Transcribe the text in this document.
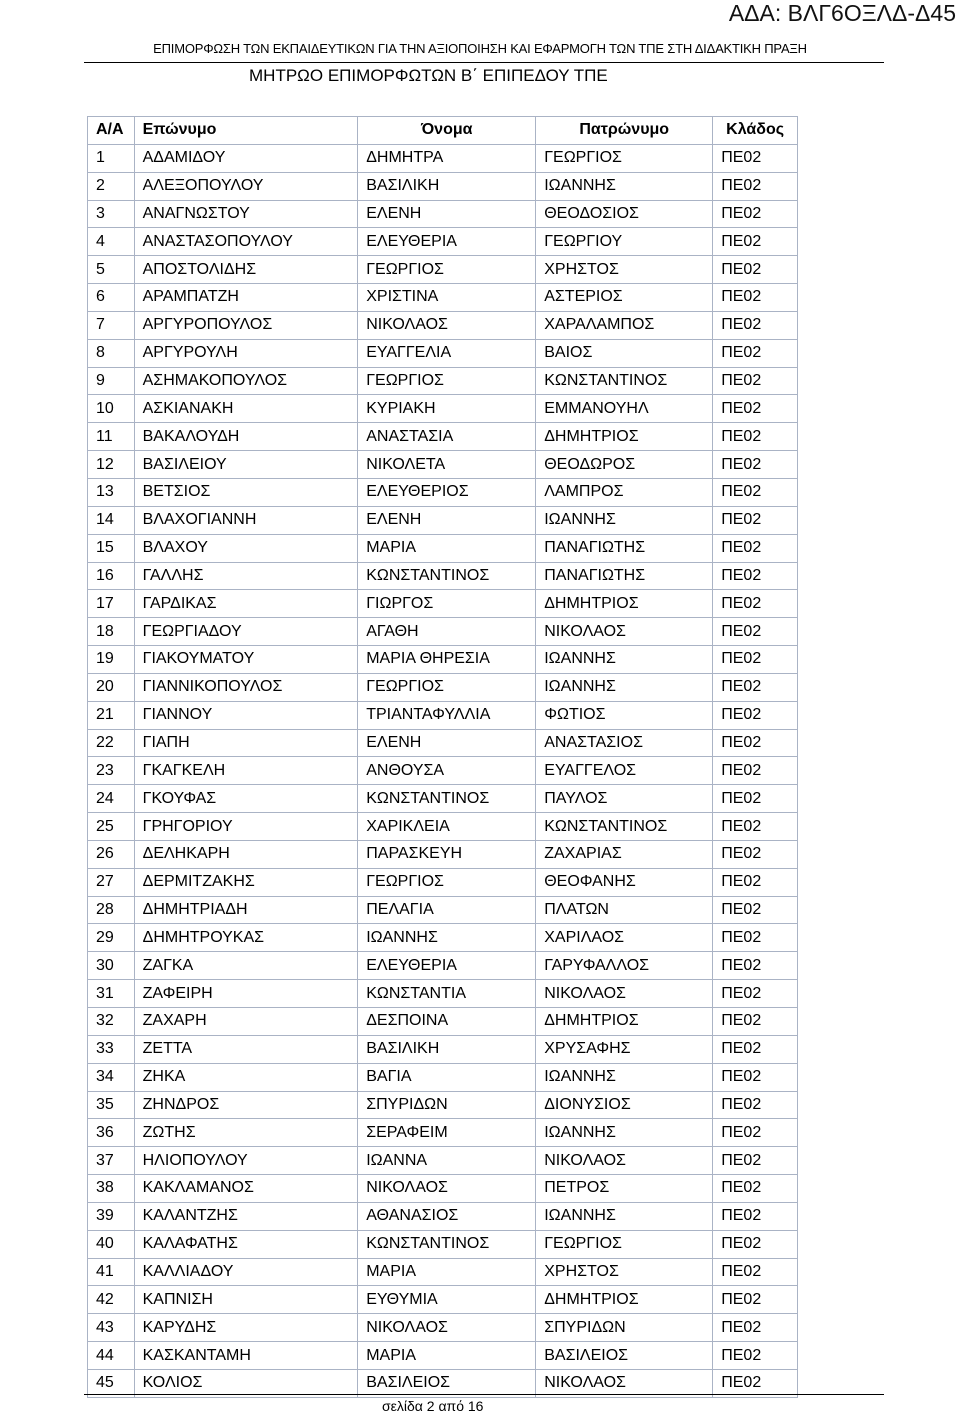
ΑΔΑ: ΒΛΓ6ΟΞΛΔ-Δ45
ΕΠΙΜΟΡΦΩΣΗ ΤΩΝ ΕΚΠΑΙΔΕΥΤΙΚΩΝ ΓΙΑ ΤΗΝ ΑΞΙΟΠΟΙΗΣΗ ΚΑΙ ΕΦΑΡΜΟΓΗ ΤΩΝ ΤΠΕ ΣΤΗ ΔΙΔΑΚΤΙΚΗ ΠΡΑΞΗ
ΜΗΤΡΩΟ ΕΠΙΜΟΡΦΩΤΩΝ Β΄ ΕΠΙΠΕΔΟΥ ΤΠΕ
Α/Α	Επώνυμο	Όνομα	Πατρώνυμο	Κλάδος
1	ΑΔΑΜΙΔΟΥ	ΔΗΜΗΤΡΑ	ΓΕΩΡΓΙΟΣ	ΠΕ02
2	ΑΛΕΞΟΠΟΥΛΟΥ	ΒΑΣΙΛΙΚΗ	ΙΩΑΝΝΗΣ	ΠΕ02
3	ΑΝΑΓΝΩΣΤΟΥ	ΕΛΕΝΗ	ΘΕΟΔΟΣΙΟΣ	ΠΕ02
4	ΑΝΑΣΤΑΣΟΠΟΥΛΟΥ	ΕΛΕΥΘΕΡΙΑ	ΓΕΩΡΓΙΟΥ	ΠΕ02
5	ΑΠΟΣΤΟΛΙΔΗΣ	ΓΕΩΡΓΙΟΣ	ΧΡΗΣΤΟΣ	ΠΕ02
6	ΑΡΑΜΠΑΤΖΗ	ΧΡΙΣΤΙΝΑ	ΑΣΤΕΡΙΟΣ	ΠΕ02
7	ΑΡΓΥΡΟΠΟΥΛΟΣ	ΝΙΚΟΛΑΟΣ	ΧΑΡΑΛΑΜΠΟΣ	ΠΕ02
8	ΑΡΓΥΡΟΥΛΗ	ΕΥΑΓΓΕΛΙΑ	ΒΑΙΟΣ	ΠΕ02
9	ΑΣΗΜΑΚΟΠΟΥΛΟΣ	ΓΕΩΡΓΙΟΣ	ΚΩΝΣΤΑΝΤΙΝΟΣ	ΠΕ02
10	ΑΣΚΙΑΝΑΚΗ	ΚΥΡΙΑΚΗ	ΕΜΜΑΝΟΥΗΛ	ΠΕ02
11	ΒΑΚΑΛΟΥΔΗ	ΑΝΑΣΤΑΣΙΑ	ΔΗΜΗΤΡΙΟΣ	ΠΕ02
12	ΒΑΣΙΛΕΙΟΥ	ΝΙΚΟΛΕΤΑ	ΘΕΟΔΩΡΟΣ	ΠΕ02
13	ΒΕΤΣΙΟΣ	ΕΛΕΥΘΕΡΙΟΣ	ΛΑΜΠΡΟΣ	ΠΕ02
14	ΒΛΑΧΟΓΙΑΝΝΗ	ΕΛΕΝΗ	ΙΩΑΝΝΗΣ	ΠΕ02
15	ΒΛΑΧΟΥ	ΜΑΡΙΑ	ΠΑΝΑΓΙΩΤΗΣ	ΠΕ02
16	ΓΑΛΛΗΣ	ΚΩΝΣΤΑΝΤΙΝΟΣ	ΠΑΝΑΓΙΩΤΗΣ	ΠΕ02
17	ΓΑΡΔΙΚΑΣ	ΓΙΩΡΓΟΣ	ΔΗΜΗΤΡΙΟΣ	ΠΕ02
18	ΓΕΩΡΓΙΑΔΟΥ	ΑΓΑΘΗ	ΝΙΚΟΛΑΟΣ	ΠΕ02
19	ΓΙΑΚΟΥΜΑΤΟΥ	ΜΑΡΙΑ ΘΗΡΕΣΙΑ	ΙΩΑΝΝΗΣ	ΠΕ02
20	ΓΙΑΝΝΙΚΟΠΟΥΛΟΣ	ΓΕΩΡΓΙΟΣ	ΙΩΑΝΝΗΣ	ΠΕ02
21	ΓΙΑΝΝΟΥ	ΤΡΙΑΝΤΑΦΥΛΛΙΑ	ΦΩΤΙΟΣ	ΠΕ02
22	ΓΙΑΠΗ	ΕΛΕΝΗ	ΑΝΑΣΤΑΣΙΟΣ	ΠΕ02
23	ΓΚΑΓΚΕΛΗ	ΑΝΘΟΥΣΑ	ΕΥΑΓΓΕΛΟΣ	ΠΕ02
24	ΓΚΟΥΦΑΣ	ΚΩΝΣΤΑΝΤΙΝΟΣ	ΠΑΥΛΟΣ	ΠΕ02
25	ΓΡΗΓΟΡΙΟΥ	ΧΑΡΙΚΛΕΙΑ	ΚΩΝΣΤΑΝΤΙΝΟΣ	ΠΕ02
26	ΔΕΛΗΚΑΡΗ	ΠΑΡΑΣΚΕΥΗ	ΖΑΧΑΡΙΑΣ	ΠΕ02
27	ΔΕΡΜΙΤΖΑΚΗΣ	ΓΕΩΡΓΙΟΣ	ΘΕΟΦΑΝΗΣ	ΠΕ02
28	ΔΗΜΗΤΡΙΑΔΗ	ΠΕΛΑΓΙΑ	ΠΛΑΤΩΝ	ΠΕ02
29	ΔΗΜΗΤΡΟΥΚΑΣ	ΙΩΑΝΝΗΣ	ΧΑΡΙΛΑΟΣ	ΠΕ02
30	ΖΑΓΚΑ	ΕΛΕΥΘΕΡΙΑ	ΓΑΡΥΦΑΛΛΟΣ	ΠΕ02
31	ΖΑΦΕΙΡΗ	ΚΩΝΣΤΑΝΤΙΑ	ΝΙΚΟΛΑΟΣ	ΠΕ02
32	ΖΑΧΑΡΗ	ΔΕΣΠΟΙΝΑ	ΔΗΜΗΤΡΙΟΣ	ΠΕ02
33	ΖΕΤΤΑ	ΒΑΣΙΛΙΚΗ	ΧΡΥΣΑΦΗΣ	ΠΕ02
34	ΖΗΚΑ	ΒΑΓΙΑ	ΙΩΑΝΝΗΣ	ΠΕ02
35	ΖΗΝΔΡΟΣ	ΣΠΥΡΙΔΩΝ	ΔΙΟΝΥΣΙΟΣ	ΠΕ02
36	ΖΩΤΗΣ	ΣΕΡΑΦΕΙΜ	ΙΩΑΝΝΗΣ	ΠΕ02
37	ΗΛΙΟΠΟΥΛΟΥ	ΙΩΑΝΝΑ	ΝΙΚΟΛΑΟΣ	ΠΕ02
38	ΚΑΚΛΑΜΑΝΟΣ	ΝΙΚΟΛΑΟΣ	ΠΕΤΡΟΣ	ΠΕ02
39	ΚΑΛΑΝΤΖΗΣ	ΑΘΑΝΑΣΙΟΣ	ΙΩΑΝΝΗΣ	ΠΕ02
40	ΚΑΛΑΦΑΤΗΣ	ΚΩΝΣΤΑΝΤΙΝΟΣ	ΓΕΩΡΓΙΟΣ	ΠΕ02
41	ΚΑΛΛΙΑΔΟΥ	ΜΑΡΙΑ	ΧΡΗΣΤΟΣ	ΠΕ02
42	ΚΑΠΝΙΣΗ	ΕΥΘΥΜΙΑ	ΔΗΜΗΤΡΙΟΣ	ΠΕ02
43	ΚΑΡΥΔΗΣ	ΝΙΚΟΛΑΟΣ	ΣΠΥΡΙΔΩΝ	ΠΕ02
44	ΚΑΣΚΑΝΤΑΜΗ	ΜΑΡΙΑ	ΒΑΣΙΛΕΙΟΣ	ΠΕ02
45	ΚΟΛΙΟΣ	ΒΑΣΙΛΕΙΟΣ	ΝΙΚΟΛΑΟΣ	ΠΕ02
σελίδα 2 από 16
